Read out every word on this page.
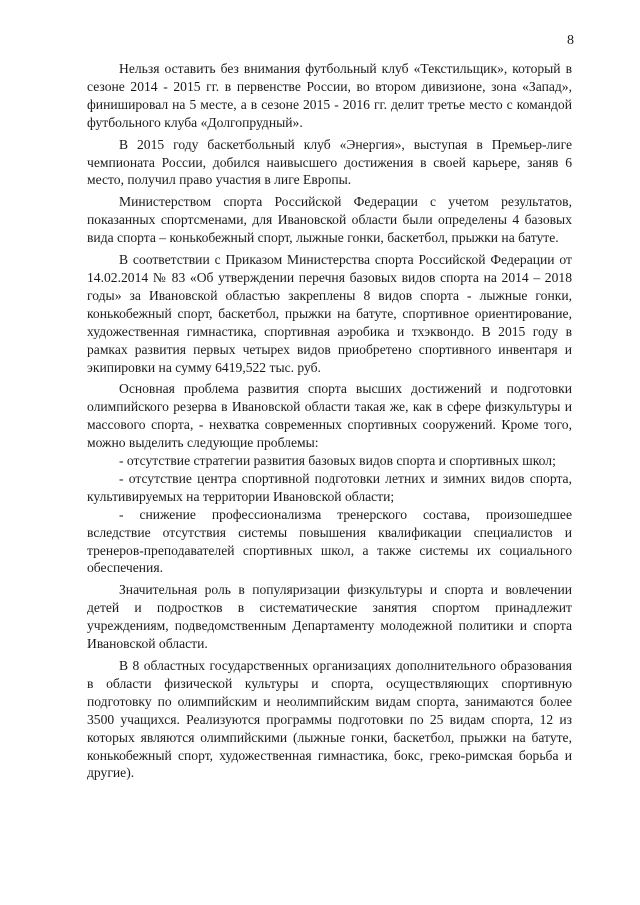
8

Нельзя оставить без внимания футбольный клуб «Текстильщик», который в сезоне 2014 - 2015 гг. в первенстве России, во втором дивизионе, зона «Запад», финишировал на 5 месте, а в сезоне 2015 - 2016 гг. делит третье место с командой футбольного клуба «Долгопрудный».

В 2015 году баскетбольный клуб «Энергия», выступая в Премьер-лиге чемпионата России, добился наивысшего достижения в своей карьере, заняв 6 место, получил право участия в лиге Европы.

Министерством спорта Российской Федерации с учетом результатов, показанных спортсменами, для Ивановской области были определены 4 базовых вида спорта – конькобежный спорт, лыжные гонки, баскетбол, прыжки на батуте.

В соответствии с Приказом Министерства спорта Российской Федерации от 14.02.2014 № 83 «Об утверждении перечня базовых видов спорта на 2014 – 2018 годы» за Ивановской областью закреплены 8 видов спорта - лыжные гонки, конькобежный спорт, баскетбол, прыжки на батуте, спортивное ориентирование, художественная гимнастика, спортивная аэробика и тхэквондо. В 2015 году в рамках развития первых четырех видов приобретено спортивного инвентаря и экипировки на сумму 6419,522 тыс. руб.

Основная проблема развития спорта высших достижений и подготовки олимпийского резерва в Ивановской области такая же, как в сфере физкультуры и массового спорта, - нехватка современных спортивных сооружений. Кроме того, можно выделить следующие проблемы:

- отсутствие стратегии развития базовых видов спорта и спортивных школ;

- отсутствие центра спортивной подготовки летних и зимних видов спорта, культивируемых на территории Ивановской области;

- снижение профессионализма тренерского состава, произошедшее вследствие отсутствия системы повышения квалификации специалистов и тренеров-преподавателей спортивных школ, а также системы их социального обеспечения.

Значительная роль в популяризации физкультуры и спорта и вовлечении детей и подростков в систематические занятия спортом принадлежит учреждениям, подведомственным Департаменту молодежной политики и спорта Ивановской области.

В 8 областных государственных организациях дополнительного образования в области физической культуры и спорта, осуществляющих спортивную подготовку по олимпийским и неолимпийским видам спорта, занимаются более 3500 учащихся. Реализуются программы подготовки по 25 видам спорта, 12 из которых являются олимпийскими (лыжные гонки, баскетбол, прыжки на батуте, конькобежный спорт, художественная гимнастика, бокс, греко-римская борьба и другие).
